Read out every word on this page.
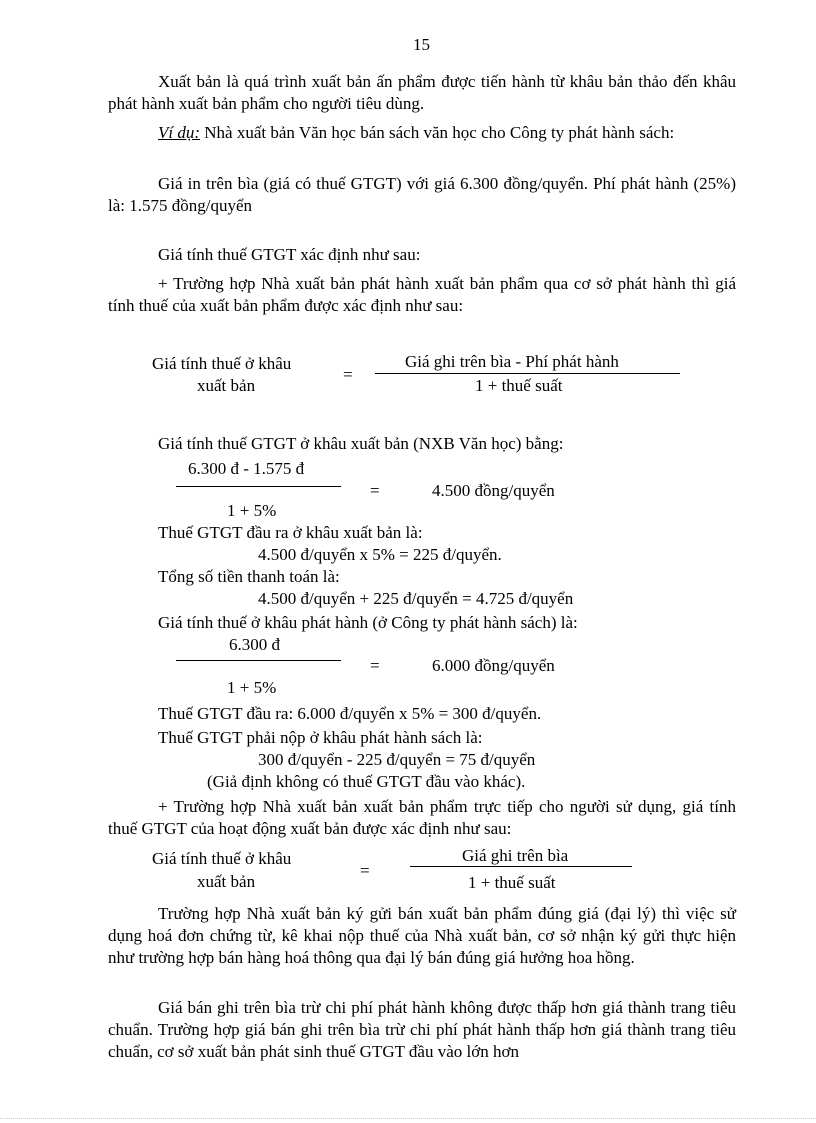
15
Xuất bản là quá trình xuất bản ấn phẩm được tiến hành từ khâu bản thảo đến khâu phát hành xuất bản phẩm cho người tiêu dùng.
Ví dụ: Nhà xuất bản Văn học bán sách văn học cho Công ty phát hành sách:
Giá in trên bìa (giá có thuế GTGT) với giá 6.300 đồng/quyển. Phí phát hành (25%) là: 1.575 đồng/quyển
Giá tính thuế GTGT xác định như sau:
+ Trường hợp Nhà xuất bản phát hành xuất bản phẩm qua cơ sở phát hành thì giá tính thuế của xuất bản phẩm được xác định như sau:
Giá tính thuế ở khâu
xuất bản
=
Giá ghi trên bìa - Phí phát hành
1 + thuế suất
Giá tính thuế GTGT ở khâu xuất bản (NXB Văn học) bằng:
6.300 đ - 1.575 đ
=	4.500 đồng/quyển
1 + 5%
Thuế GTGT đầu ra ở khâu xuất bản là:
4.500 đ/quyển x 5% = 225 đ/quyển.
Tổng số tiền thanh toán là:
4.500 đ/quyển + 225 đ/quyển = 4.725 đ/quyển
Giá tính thuế ở khâu phát hành (ở Công ty phát hành sách) là:
6.300 đ
=	6.000 đồng/quyển
1 + 5%
Thuế GTGT đầu ra: 6.000 đ/quyển x 5% = 300 đ/quyển.
Thuế GTGT phải nộp ở khâu phát hành sách là:
300 đ/quyển - 225 đ/quyển = 75 đ/quyển
(Giả định không có thuế GTGT đầu vào khác).
+ Trường hợp Nhà xuất bản xuất bản phẩm trực tiếp cho người sử dụng, giá tính thuế GTGT của hoạt động xuất bản được xác định như sau:
Giá tính thuế ở khâu
xuất bản
=
Giá ghi trên bìa
1 + thuế suất
Trường hợp Nhà xuất bản ký gửi bán xuất bản phẩm đúng giá (đại lý) thì việc sử dụng hoá đơn chứng từ, kê khai nộp thuế của Nhà xuất bản, cơ sở nhận ký gửi thực hiện như trường hợp bán hàng hoá thông qua đại lý bán đúng giá hưởng hoa hồng.
Giá bán ghi trên bìa trừ chi phí phát hành không được thấp hơn giá thành trang tiêu chuẩn. Trường hợp giá bán ghi trên bìa trừ chi phí phát hành thấp hơn giá thành trang tiêu chuẩn, cơ sở xuất bản phát sinh thuế GTGT đầu vào lớn hơn
